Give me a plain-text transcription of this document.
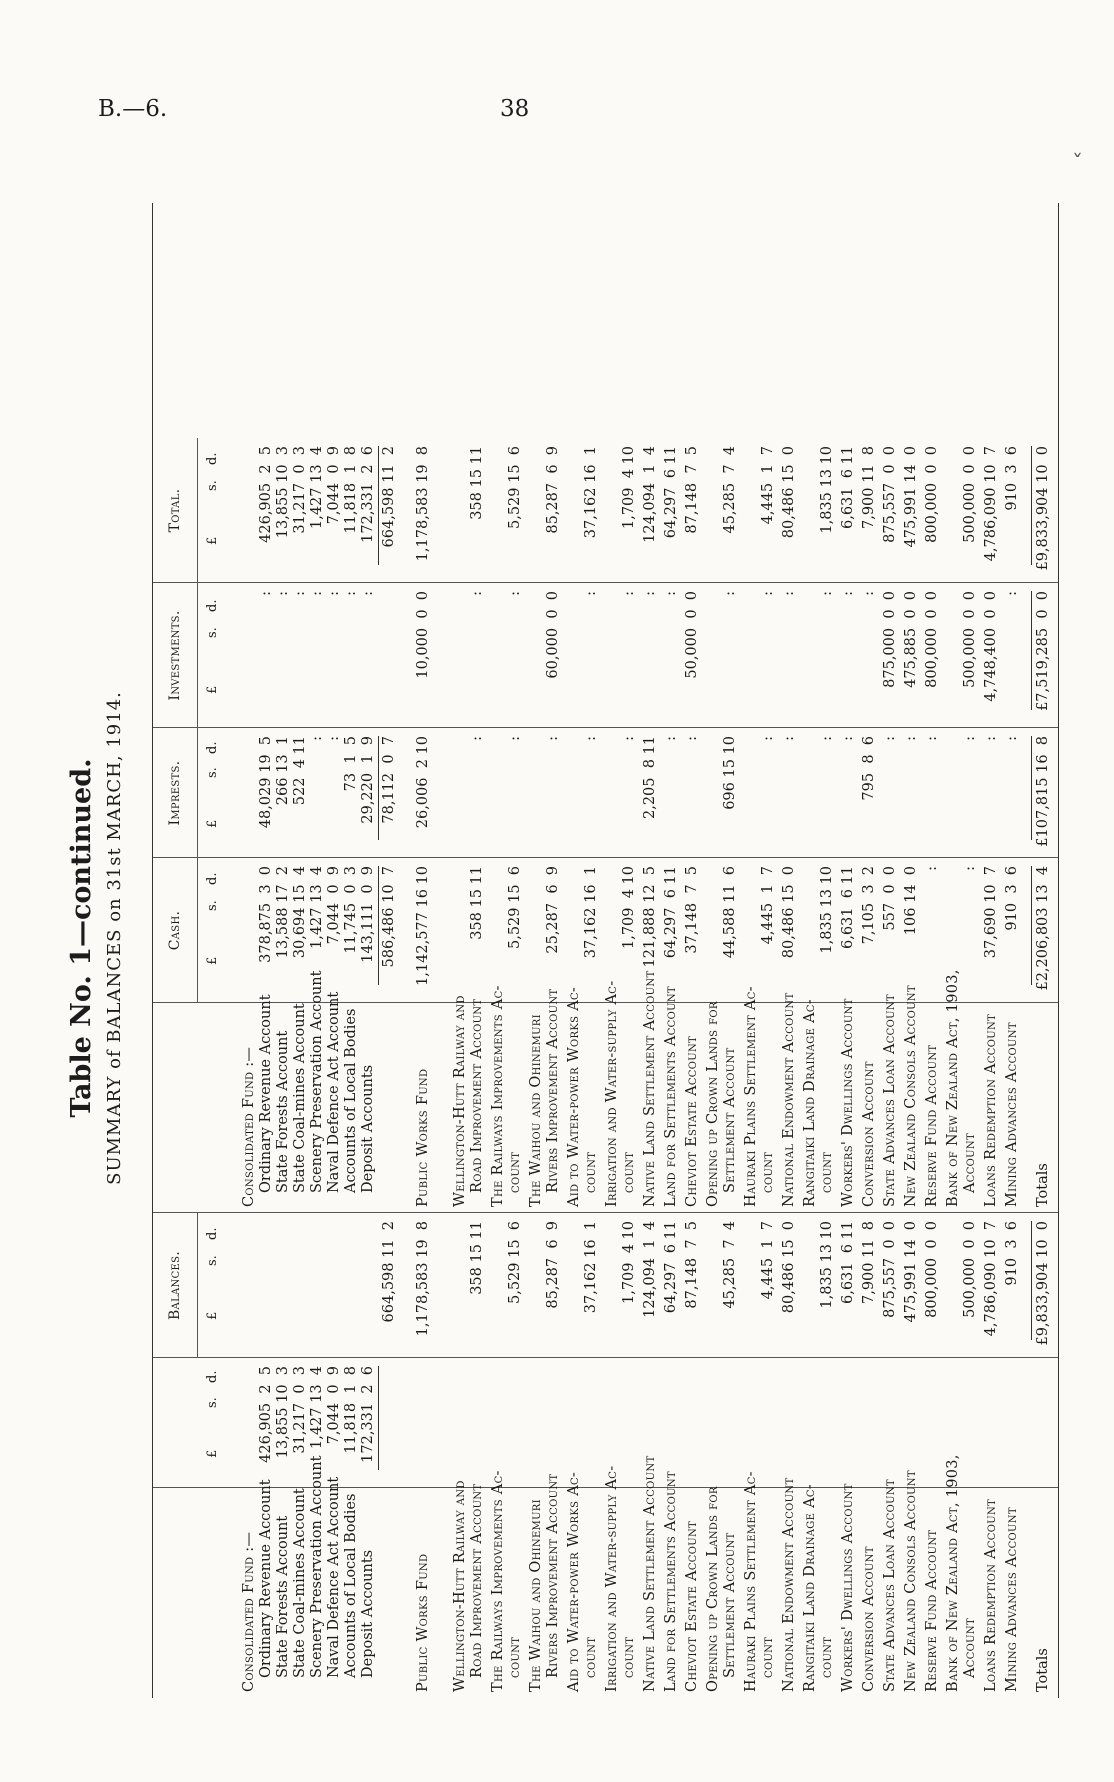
B.—6.	38
ˇ
Table No. 1—continued. SUMMARY of BALANCES on 31st MARCH, 1914.
£
s.
d.
Balances. £
s.
d.
Cash.
£
s.
d.
Imprests. £
s.
d.
Investments. £
s.
d.
Total.
£
s.
d.
Consolidated Fund :—
Consolidated Fund :—
Ordinary Revenue Account
Ordinary Revenue Account
426,905  2  5
378,875  3  0
48,029 19  5
:
426,905  2  5
State Forests Account
State Forests Account
13,855 10  3
13,588 17  2
266 13  1
:
13,855 10  3
State Coal-mines Account
State Coal-mines Account
31,217  0  3
30,694 15  4
522  4 11
:
31,217  0  3
Scenery Preservation Account
Scenery Preservation Account
1,427 13  4
1,427 13  4
:
:
1,427 13  4
Naval Defence Act Account
Naval Defence Act Account
7,044  0  9
7,044  0  9
:
:
7,044  0  9
Accounts of Local Bodies
Accounts of Local Bodies
11,818  1  8
11,745  0  3
73  1  5
:
11,818  1  8
Deposit Accounts
Deposit Accounts
172,331  2  6
143,111  0  9
29,220  1  9
:
172,331  2  6
664,598 11  2
586,486 10  7
78,112  0  7
664,598 11  2
Public Works Fund
Public Works Fund
1,178,583 19  8
1,142,577 16 10
26,006  2 10
10,000  0  0
1,178,583 19  8
Wellington-Hutt Railway and
Wellington-Hutt Railway and
Road Improvement Account
Road Improvement Account
358 15 11
358 15 11
:
:
358 15 11
The Railways Improvements Ac-
The Railways Improvements Ac-
count
count
5,529 15  6
5,529 15  6
:
:
5,529 15  6
The Waihou and Ohinemuri
The Waihou and Ohinemuri
Rivers Improvement Account
Rivers Improvement Account
85,287  6  9
25,287  6  9
:
60,000  0  0
85,287  6  9
Aid to Water-power Works Ac-
Aid to Water-power Works Ac-
count
count
37,162 16  1
37,162 16  1
:
:
37,162 16  1
Irrigation and Water-supply Ac-
Irrigation and Water-supply Ac-
count
count
1,709  4 10
1,709  4 10
:
:
1,709  4 10
Native Land Settlement Account
Native Land Settlement Account
124,094  1  4
121,888 12  5
2,205  8 11
:
124,094  1  4
Land for Settlements Account
Land for Settlements Account
64,297  6 11
64,297  6 11
:
:
64,297  6 11
Cheviot Estate Account
Cheviot Estate Account
87,148  7  5
37,148  7  5
:
50,000  0  0
87,148  7  5
Opening up Crown Lands for
Opening up Crown Lands for
Settlement Account
Settlement Account
45,285  7  4
44,588 11  6
696 15 10
:
45,285  7  4
Hauraki Plains Settlement Ac-
Hauraki Plains Settlement Ac-
count
count
4,445  1  7
4,445  1  7
:
:
4,445  1  7
National Endowment Account
National Endowment Account
80,486 15  0
80,486 15  0
:
:
80,486 15  0
Rangitaiki Land Drainage Ac-
Rangitaiki Land Drainage Ac-
count
count
1,835 13 10
1,835 13 10
:
:
1,835 13 10
Workers' Dwellings Account
Workers' Dwellings Account
6,631  6 11
6,631  6 11
:
:
6,631  6 11
Conversion Account
Conversion Account
7,900 11  8
7,105  3  2
795  8  6
:
7,900 11  8
State Advances Loan Account
State Advances Loan Account
875,557  0  0
557  0  0
:
875,000  0  0
875,557  0  0
New Zealand Consols Account
New Zealand Consols Account
475,991 14  0
106 14  0
:
475,885  0  0
475,991 14  0
Reserve Fund Account
Reserve Fund Account
800,000  0  0
:
:
800,000  0  0
800,000  0  0
Bank of New Zealand Act, 1903,
Bank of New Zealand Act, 1903,
Account
Account
500,000  0  0
:
:
500,000  0  0
500,000  0  0
Loans Redemption Account
Loans Redemption Account
4,786,090 10  7
37,690 10  7
:
4,748,400  0  0
4,786,090 10  7
Mining Advances Account
Mining Advances Account
910  3  6
910  3  6
:
:
910  3  6
Totals
Totals
£9,833,904 10  0
£2,206,803 13  4
£107,815 16  8
£7,519,285  0  0
£9,833,904 10  0
